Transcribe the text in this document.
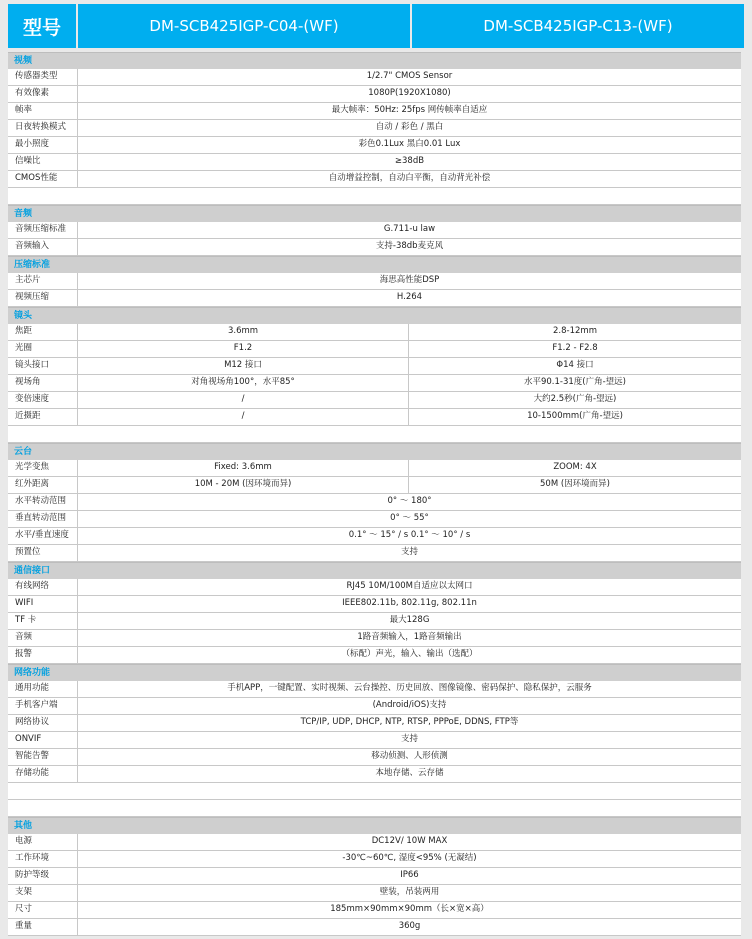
型号	DM-SCB425IGP-C04-(WF)	DM-SCB425IGP-C13-(WF)
视频
传感器类型	1/2.7" CMOS Sensor
有效像素	1080P(1920X1080)
帧率	最大帧率：50Hz: 25fps 网传帧率自适应
日夜转换模式	自动 / 彩色 / 黑白
最小照度	彩色0.1Lux 黑白0.01 Lux
信噪比	≥38dB
CMOS性能	自动增益控制，自动白平衡，自动背光补偿
音频
音频压缩标准	G.711-u law
音频输入	支持-38db麦克风
压缩标准
主芯片	海思高性能DSP
视频压缩	H.264
镜头
焦距	3.6mm	2.8-12mm
光圈	F1.2	F1.2 - F2.8
镜头接口	M12 接口	Φ14 接口
视场角	对角视场角100°，水平85°	水平90.1-31度(广角-望远)
变倍速度	/	大约2.5秒(广角-望远)
近摄距	/	10-1500mm(广角-望远)
云台
光学变焦	Fixed: 3.6mm	ZOOM: 4X
红外距离	10M - 20M (因环境而异)	50M (因环境而异)
水平转动范围	0° ～ 180°
垂直转动范围	0° ～ 55°
水平/垂直速度	0.1° ～ 15° / s 0.1° ～ 10° / s
预置位	支持
通信接口
有线网络	RJ45 10M/100M自适应以太网口
WIFI	IEEE802.11b, 802.11g, 802.11n
TF 卡	最大128G
音频	1路音频输入，1路音频输出
报警	（标配）声光，输入、输出（选配）
网络功能
通用功能	手机APP，一键配置、实时视频、云台操控、历史回放、图像镜像、密码保护、隐私保护，云服务
手机客户端	(Android/iOS)支持
网络协议	TCP/IP, UDP, DHCP, NTP, RTSP, PPPoE, DDNS, FTP等
ONVIF	支持
智能告警	移动侦测、人形侦测
存储功能	本地存储、云存储
其他
电源	DC12V/ 10W MAX
工作环境	-30℃~60℃, 湿度<95% (无凝结)
防护等级	IP66
支架	壁装，吊装两用
尺寸	185mm×90mm×90mm（长×宽×高）
重量	360g
